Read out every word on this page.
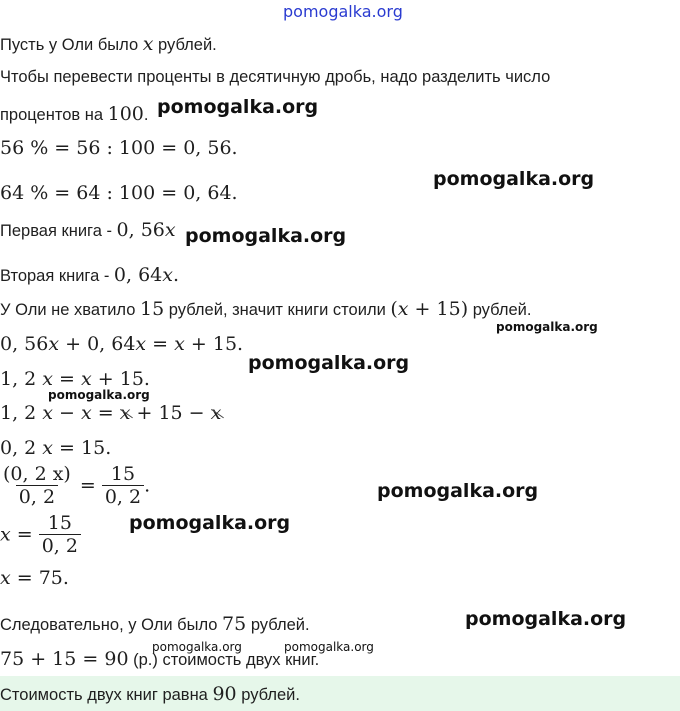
pomogalka.org
Пусть у Оли было x рублей.
Чтобы перевести проценты в десятичную дробь, надо разделить число
процентов на 100. pomogalka.org
56 % = 56 : 100 = 0, 56.
64 % = 64 : 100 = 0, 64.
pomogalka.org
Первая книга - 0, 56x pomogalka.org
Вторая книга - 0, 64x.
У Оли не хватило 15 рублей, значит книги стоили (x + 15) рублей.
pomogalka.org
0, 56x + 0, 64x = x + 15.
pomogalka.org
1, 2 x = x + 15.
pomogalka.org
1, 2 x − x = x + 15 − x
0, 2 x = 15.
$\frac{(0, 2 x)}{0, 2} = \frac{15}{0, 2}$ .	pomogalka.org
$x = \frac{15}{0, 2}$	pomogalka.org
x = 75.
Следовательно, у Оли было 75 рублей.	pomogalka.org
pomogalka.org	pomogalka.org
75 + 15 = 90 (р.) стоимость двух книг.
Стоимость двух книг равна 90 рублей.
